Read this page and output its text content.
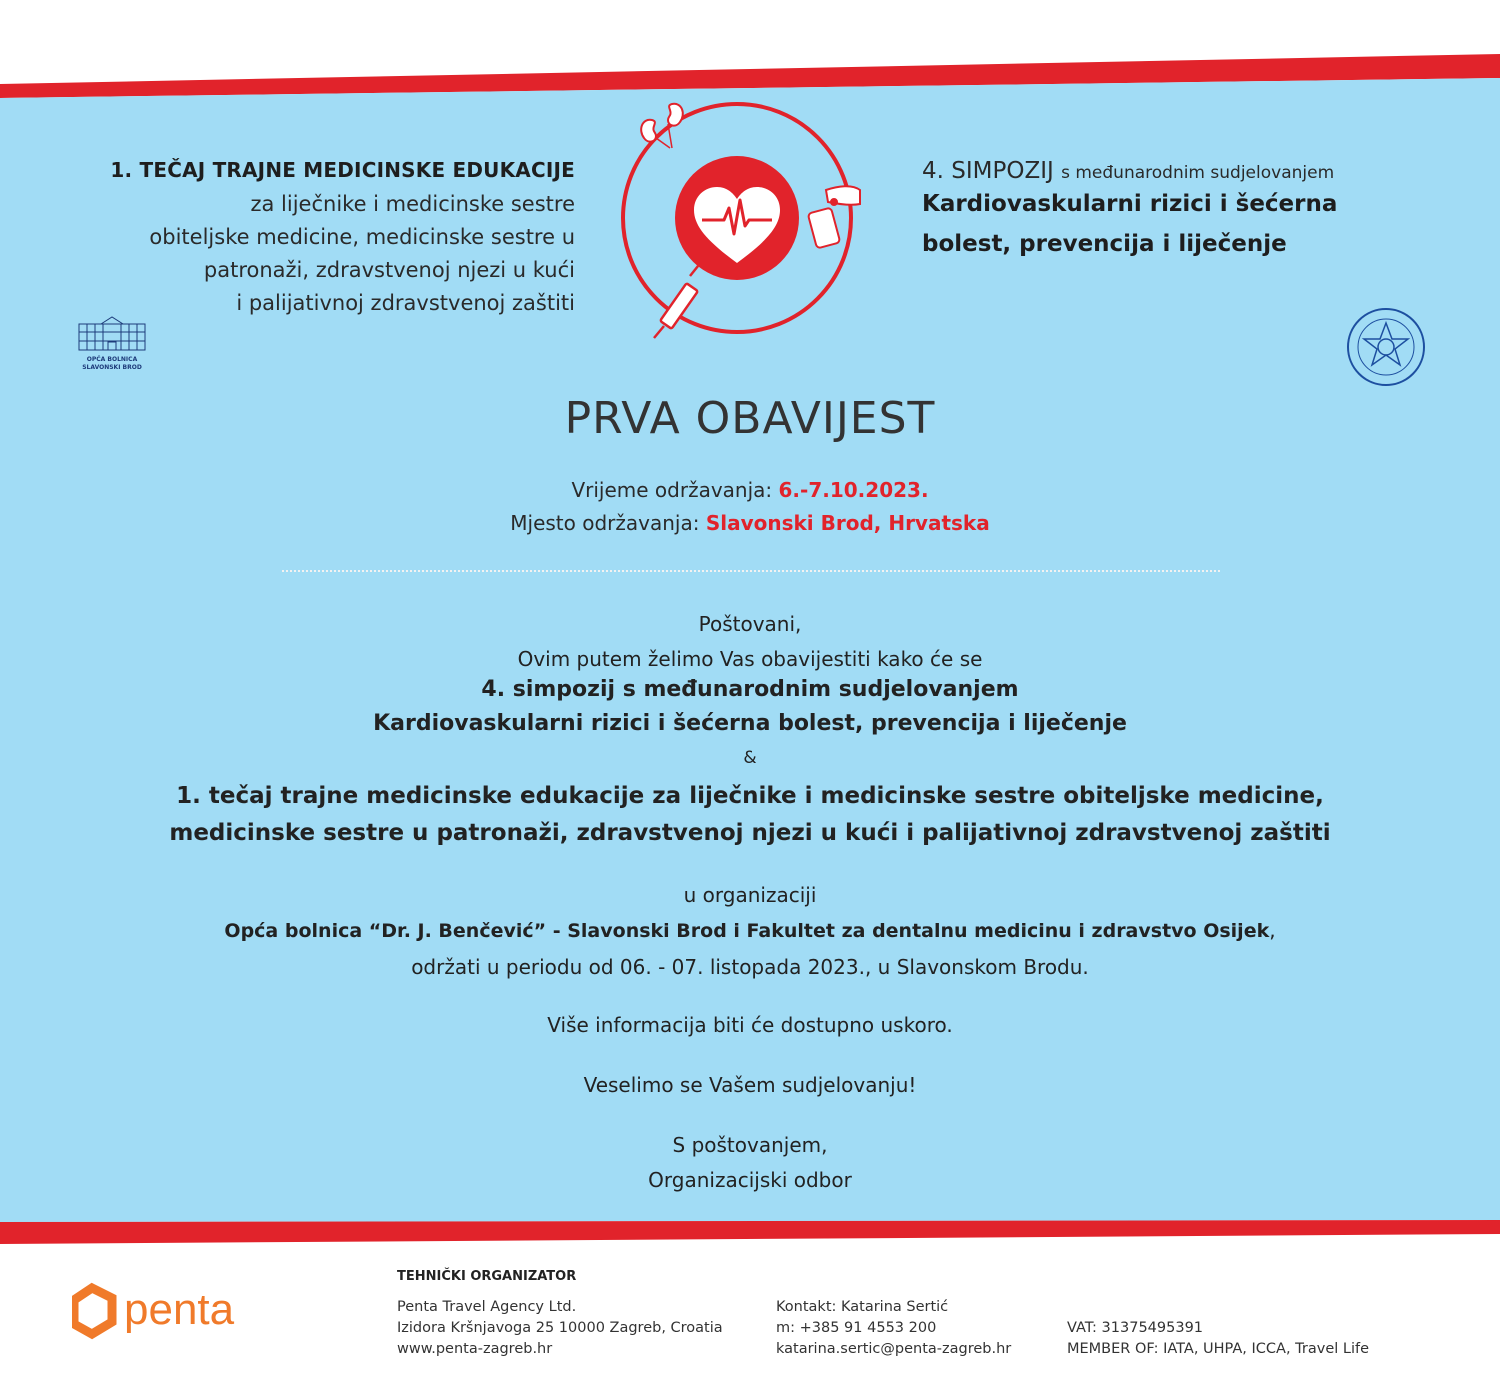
1. TEČAJ TRAJNE MEDICINSKE EDUKACIJE
za liječnike i medicinske sestre
obiteljske medicine, medicinske sestre u
patronaži, zdravstvenoj njezi u kući
i palijativnoj zdravstvenoj zaštiti
OPĆA BOLNICA
SLAVONSKI BROD
4. SIMPOZIJ s međunarodnim sudjelovanjem
Kardiovaskularni rizici i šećerna
bolest, prevencija i liječenje
PRVA OBAVIJEST
Vrijeme održavanja: 6.-7.10.2023.
Mjesto održavanja: Slavonski Brod, Hrvatska
Poštovani,
Ovim putem želimo Vas obavijestiti kako će se
4. simpozij s međunarodnim sudjelovanjem
Kardiovaskularni rizici i šećerna bolest, prevencija i liječenje
&
1. tečaj trajne medicinske edukacije za liječnike i medicinske sestre obiteljske medicine,
medicinske sestre u patronaži, zdravstvenoj njezi u kući i palijativnoj zdravstvenoj zaštiti
u organizaciji
Opća bolnica “Dr. J. Benčević” - Slavonski Brod i Fakultet za dentalnu medicinu i zdravstvo Osijek,
održati u periodu od 06. - 07. listopada 2023., u Slavonskom Brodu.
Više informacija biti će dostupno uskoro.
Veselimo se Vašem sudjelovanju!
S poštovanjem,
Organizacijski odbor
penta
TEHNIČKI ORGANIZATOR
Penta Travel Agency Ltd.
Izidora Kršnjavoga 25 10000 Zagreb, Croatia
www.penta-zagreb.hr
Kontakt: Katarina Sertić
m: +385 91 4553 200
katarina.sertic@penta-zagreb.hr
VAT: 31375495391
MEMBER OF: IATA, UHPA, ICCA, Travel Life
